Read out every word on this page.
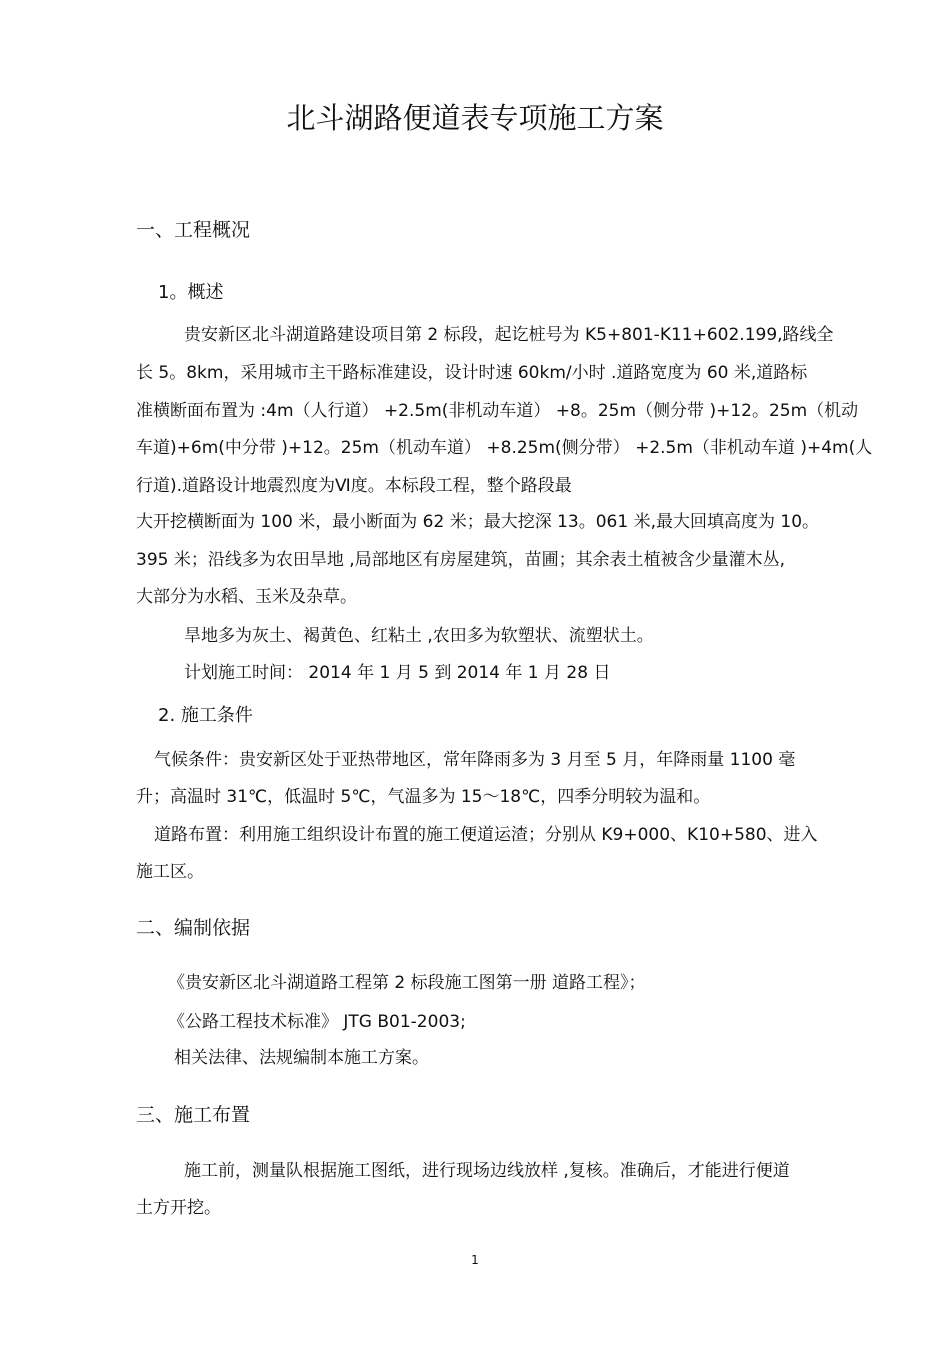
北斗湖路便道表专项施工方案
一、工程概况
1。概述
贵安新区北斗湖道路建设项目第 2 标段，起讫桩号为 K5+801-K11+602.199,路线全
长 5。8km，采用城市主干路标准建设，设计时速 60km/小时 .道路宽度为 60 米,道路标
准横断面布置为 :4m（人行道） +2.5m(非机动车道） +8。25m（侧分带 )+12。25m（机动
车道)+6m(中分带 )+12。25m（机动车道） +8.25m(侧分带） +2.5m（非机动车道 )+4m(人
行道).道路设计地震烈度为Ⅵ度。本标段工程，整个路段最
大开挖横断面为 100 米，最小断面为 62 米；最大挖深 13。061 米,最大回填高度为 10。
395 米；沿线多为农田旱地 ,局部地区有房屋建筑，苗圃；其余表土植被含少量灌木丛,
大部分为水稻、玉米及杂草。
旱地多为灰土、褐黄色、红粘土 ,农田多为软塑状、流塑状土。
计划施工时间： 2014 年 1 月 5 到 2014 年 1 月 28 日
2. 施工条件
气候条件：贵安新区处于亚热带地区，常年降雨多为 3 月至 5 月，年降雨量 1100 毫
升；高温时 31℃，低温时 5℃，气温多为 15～18℃，四季分明较为温和。
道路布置：利用施工组织设计布置的施工便道运渣；分别从 K9+000、K10+580、进入
施工区。
二、编制依据
《贵安新区北斗湖道路工程第 2 标段施工图第一册 道路工程》；
《公路工程技术标准》 JTG B01-2003;
相关法律、法规编制本施工方案。
三、施工布置
施工前，测量队根据施工图纸，进行现场边线放样 ,复核。准确后，才能进行便道
土方开挖。
1
